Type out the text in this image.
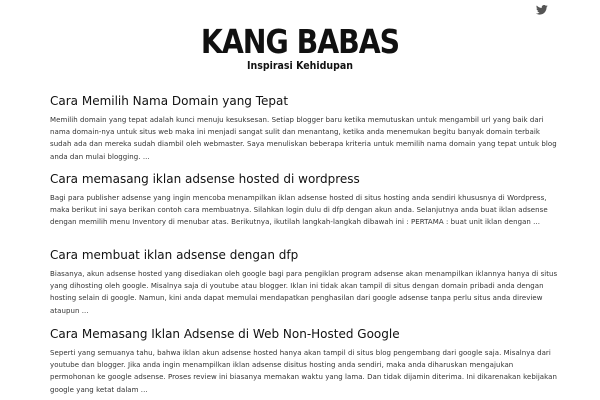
KANG BABAS

Inspirasi Kehidupan

Cara Memilih Nama Domain yang Tepat

Memilih domain yang tepat adalah kunci menuju kesuksesan. Setiap blogger baru ketika memutuskan untuk mengambil url yang baik dari nama domain-nya untuk situs web maka ini menjadi sangat sulit dan menantang, ketika anda menemukan begitu banyak domain terbaik sudah ada dan mereka sudah diambil oleh webmaster. Saya menuliskan beberapa kriteria untuk memilih nama domain yang tepat untuk blog anda dan mulai blogging. ...

Cara memasang iklan adsense hosted di wordpress

Bagi para publisher adsense yang ingin mencoba menampilkan iklan adsense hosted di situs hosting anda sendiri khususnya di Wordpress, maka berikut ini saya berikan contoh cara membuatnya. Silahkan login dulu di dfp dengan akun anda. Selanjutnya anda buat iklan adsense dengan memilih menu Inventory di menubar atas. Berikutnya, ikutilah langkah-langkah dibawah ini : PERTAMA : buat unit iklan dengan ...

Cara membuat iklan adsense dengan dfp

Biasanya, akun adsense hosted yang disediakan oleh google bagi para pengiklan program adsense akan menampilkan iklannya hanya di situs yang dihosting oleh google. Misalnya saja di youtube atau blogger. Iklan ini tidak akan tampil di situs dengan domain pribadi anda dengan hosting selain di google. Namun, kini anda dapat memulai mendapatkan penghasilan dari google adsense tanpa perlu situs anda direview ataupun ...

Cara Memasang Iklan Adsense di Web Non-Hosted Google

Seperti yang semuanya tahu, bahwa iklan akun adsense hosted hanya akan tampil di situs blog pengembang dari google saja. Misalnya dari youtube dan blogger. Jika anda ingin menampilkan iklan adsense disitus hosting anda sendiri, maka anda diharuskan mengajukan permohonan ke google adsense. Proses review ini biasanya memakan waktu yang lama. Dan tidak dijamin diterima. Ini dikarenakan kebijakan google yang ketat dalam ...
